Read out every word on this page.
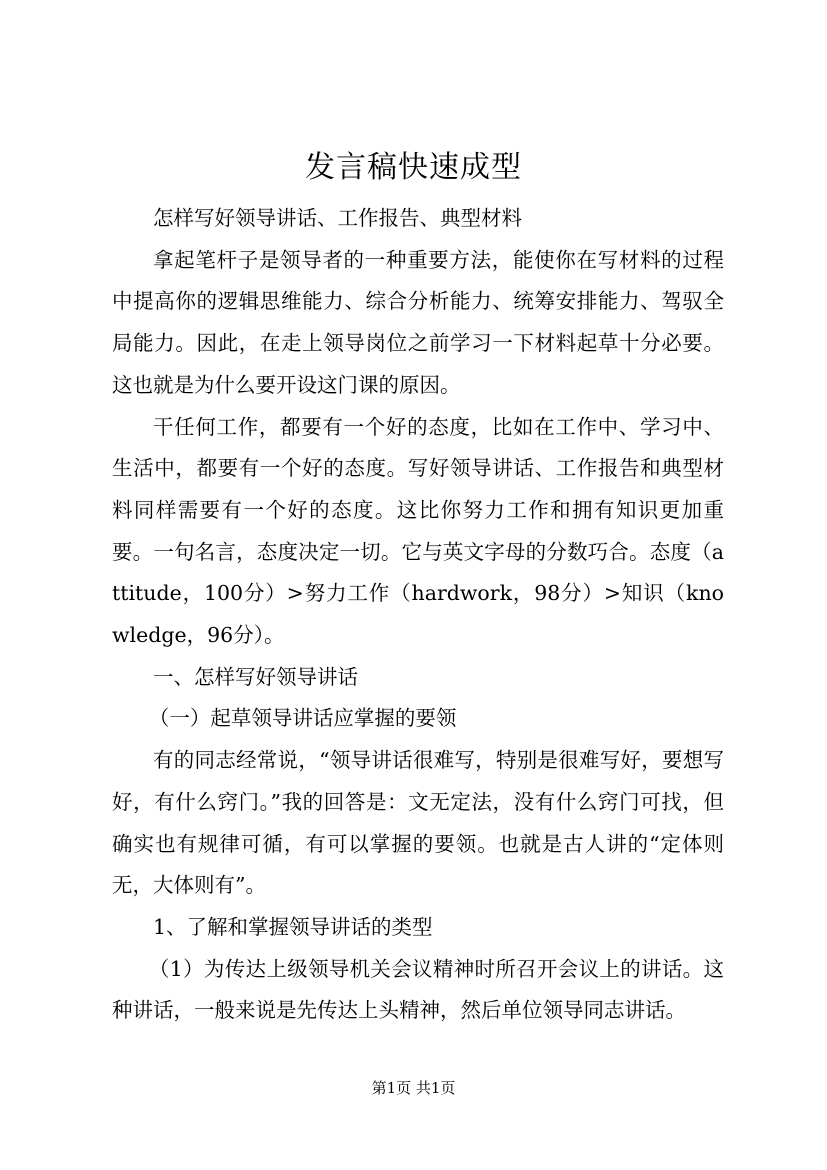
发言稿快速成型

怎样写好领导讲话、工作报告、典型材料

拿起笔杆子是领导者的一种重要方法，能使你在写材料的过程中提高你的逻辑思维能力、综合分析能力、统筹安排能力、驾驭全局能力。因此，在走上领导岗位之前学习一下材料起草十分必要。这也就是为什么要开设这门课的原因。

干任何工作，都要有一个好的态度，比如在工作中、学习中、生活中，都要有一个好的态度。写好领导讲话、工作报告和典型材料同样需要有一个好的态度。这比你努力工作和拥有知识更加重要。一句名言，态度决定一切。它与英文字母的分数巧合。态度（attitude，100分）>努力工作（hardwork，98分）>知识（knowledge，96分）。

一、怎样写好领导讲话

（一）起草领导讲话应掌握的要领

有的同志经常说，“领导讲话很难写，特别是很难写好，要想写好，有什么窍门。”我的回答是：文无定法，没有什么窍门可找，但确实也有规律可循，有可以掌握的要领。也就是古人讲的“定体则无，大体则有”。

1、了解和掌握领导讲话的类型

（1）为传达上级领导机关会议精神时所召开会议上的讲话。这种讲话，一般来说是先传达上头精神，然后单位领导同志讲话。

第1页 共1页
